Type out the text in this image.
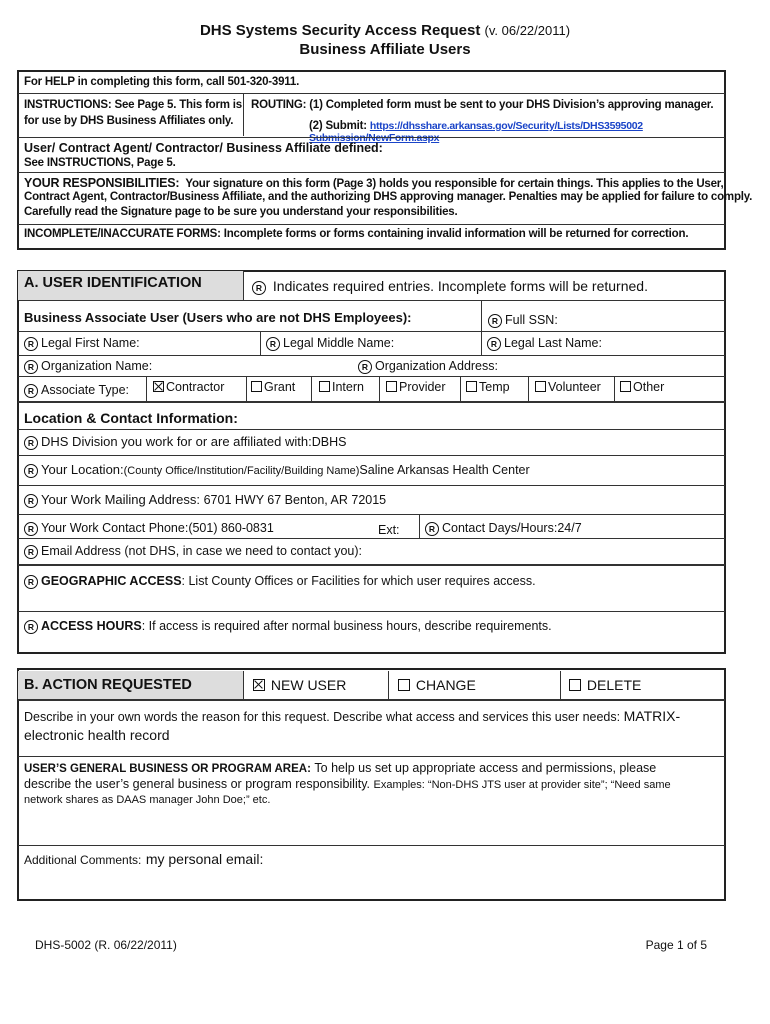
DHS Systems Security Access Request (v. 06/22/2011)
Business Affiliate Users
For HELP in completing this form, call 501-320-3911.
INSTRUCTIONS: See Page 5. This form is
for use by DHS Business Affiliates only.
ROUTING: (1) Completed form must be sent to your DHS Division’s approving manager.
(2) Submit: https://dhsshare.arkansas.gov/Security/Lists/DHS3595002 Submission/NewForm.aspx
User/ Contract Agent/ Contractor/ Business Affiliate defined:
See INSTRUCTIONS, Page 5.
YOUR RESPONSIBILITIES: Your signature on this form (Page 3) holds you responsible for certain things. This applies to the User,
Contract Agent, Contractor/Business Affiliate, and the authorizing DHS approving manager. Penalties may be applied for failure to comply.
Carefully read the Signature page to be sure you understand your responsibilities.
INCOMPLETE/INACCURATE FORMS: Incomplete forms or forms containing invalid information will be returned for correction.
A. USER IDENTIFICATION	R Indicates required entries. Incomplete forms will be returned.
Business Associate User (Users who are not DHS Employees):	R Full SSN:
R Legal First Name:	R Legal Middle Name:	R Legal Last Name:
R Organization Name:	R Organization Address:
R Associate Type:	Contractor	Grant	Intern	Provider	Temp	Volunteer	Other
Location & Contact Information:
R DHS Division you work for or are affiliated with:DBHS
R Your Location:(County Office/Institution/Facility/Building Name)Saline Arkansas Health Center
R Your Work Mailing Address: 6701 HWY 67 Benton, AR 72015
R Your Work Contact Phone:(501) 860-0831	Ext:	R Contact Days/Hours:24/7
R Email Address (not DHS, in case we need to contact you):
R GEOGRAPHIC ACCESS: List County Offices or Facilities for which user requires access.
R ACCESS HOURS: If access is required after normal business hours, describe requirements.
B. ACTION REQUESTED	NEW USER	CHANGE	DELETE
Describe in your own words the reason for this request. Describe what access and services this user needs: MATRIX-
electronic health record
USER’S GENERAL BUSINESS OR PROGRAM AREA: To help us set up appropriate access and permissions, please
describe the user’s general business or program responsibility. Examples: “Non-DHS JTS user at provider site”; “Need same
network shares as DAAS manager John Doe;” etc.
Additional Comments: my personal email:
DHS-5002 (R. 06/22/2011)	Page 1 of 5
